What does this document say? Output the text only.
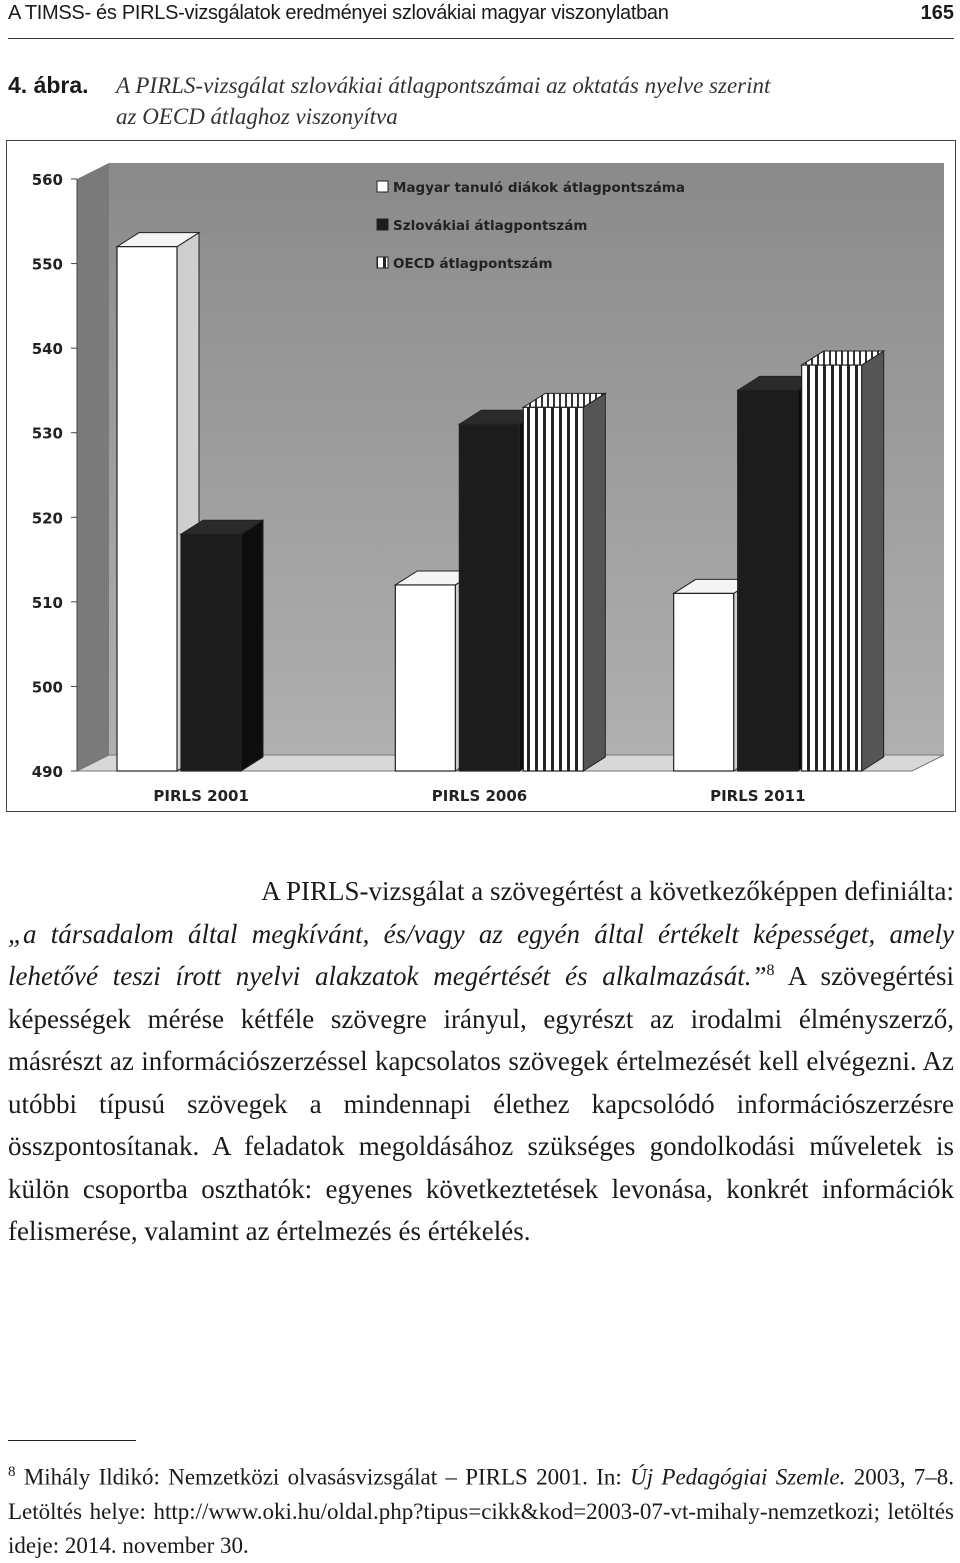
A TIMSS- és PIRLS-vizsgálatok eredményei szlovákiai magyar viszonylatban	165
4. ábra. A PIRLS-vizsgálat szlovákiai átlagpontszámai az oktatás nyelve szerint
az OECD átlaghoz viszonyítva
490
500
510
520
530
540
550
560
PIRLS 2001	PIRLS 2006	PIRLS 2011
Magyar tanuló diákok átlagpontszáma
Szlovákiai átlagpontszám
OECD átlagpontszám

A PIRLS-vizsgálat a szövegértést a következőképpen definiálta:
„a társadalom által megkívánt, és/vagy az egyén által értékelt képességet, amely lehetővé teszi írott nyelvi alakzatok megértését és alkalmazását.”$^8$ A szövegértési képességek mérése kétféle szövegre irányul, egyrészt az irodalmi élményszerző, másrészt az információszerzéssel kapcsolatos szövegek értelmezését kell elvégezni. Az utóbbi típusú szövegek a mindennapi élethez kapcsolódó információszerzésre összpontosítanak. A feladatok megoldásához szükséges gondolkodási műveletek is külön csoportba oszthatók: egyenes következtetések levonása, konkrét információk felismerése, valamint az értelmezés és értékelés.

$^8$ Mihály Ildikó: Nemzetközi olvasásvizsgálat – PIRLS 2001. In: Új Pedagógiai Szemle. 2003, 7–8. Letöltés helye: http://www.oki.hu/oldal.php?tipus=cikk&kod=2003-07-vt-mihaly-nemzetkozi; letöltés ideje: 2014. november 30.
